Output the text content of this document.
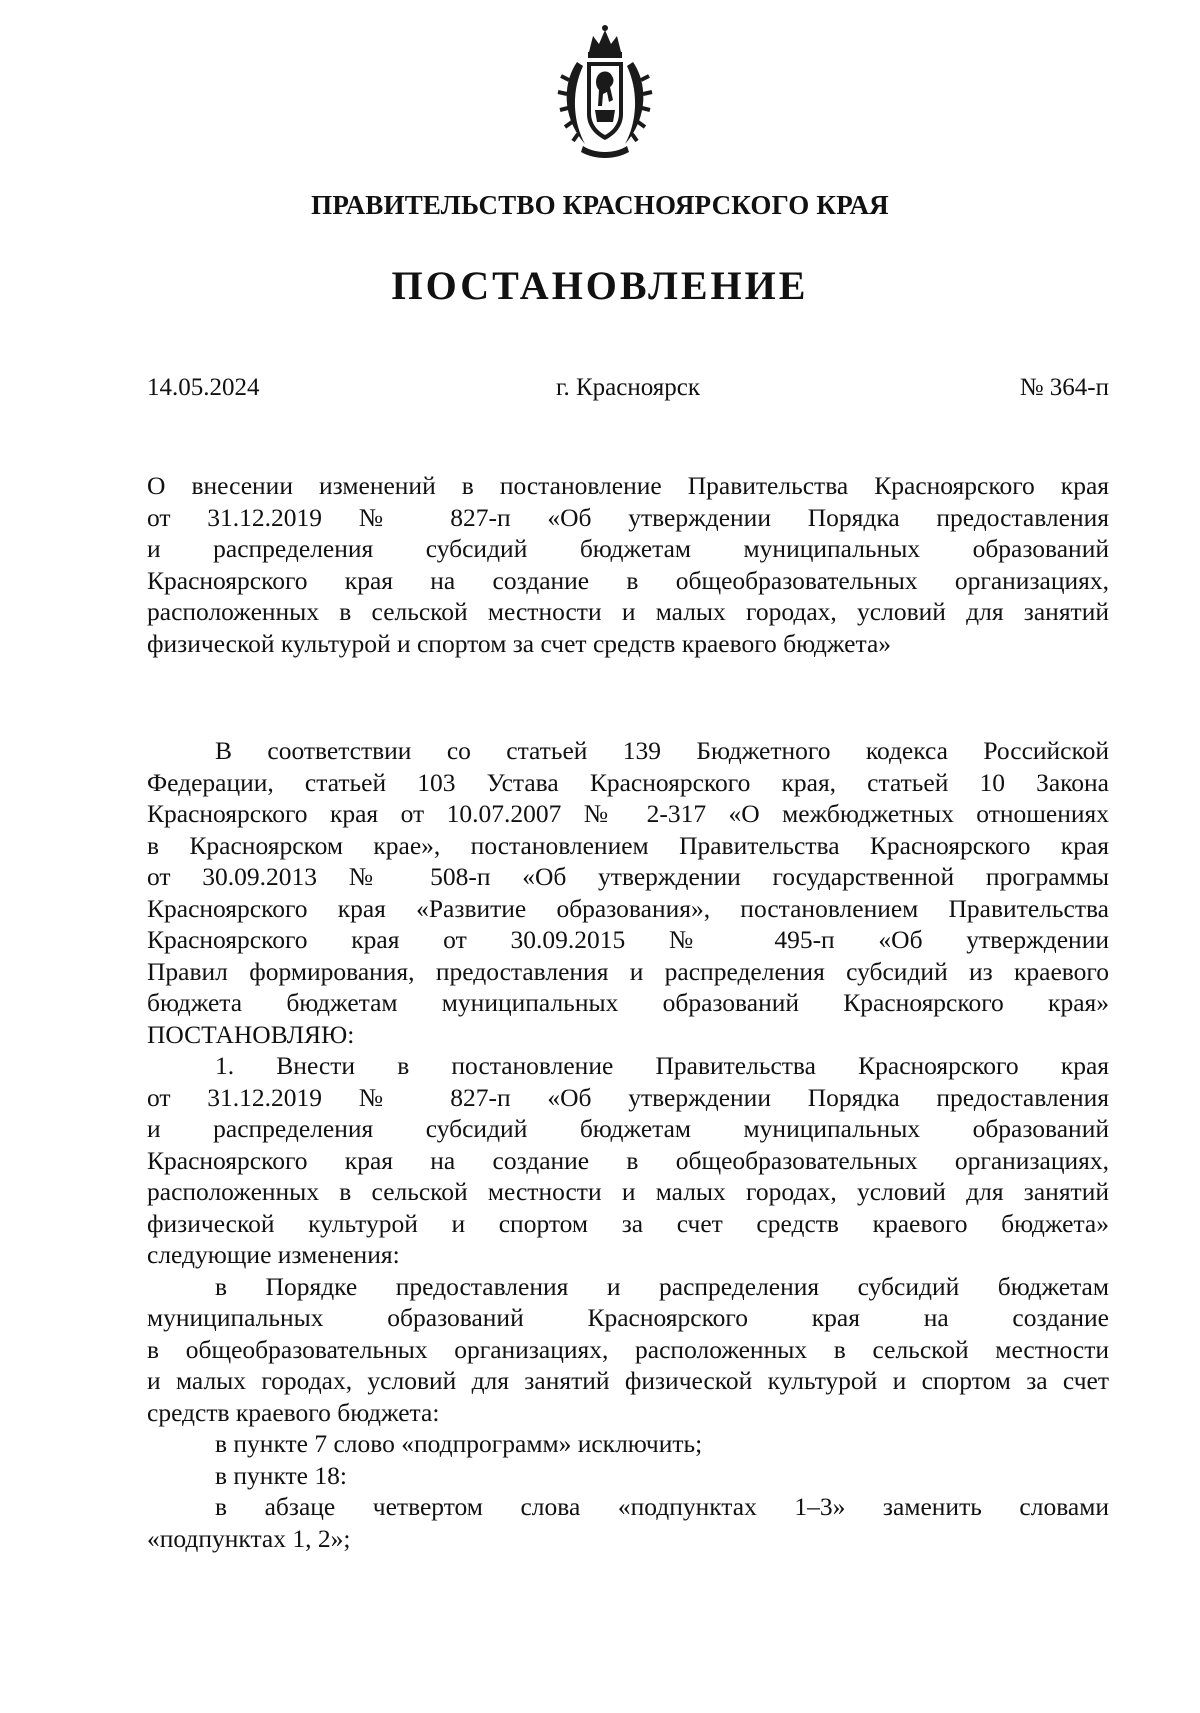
ПРАВИТЕЛЬСТВО КРАСНОЯРСКОГО КРАЯ
ПОСТАНОВЛЕНИЕ
14.05.2024	г. Красноярск	№ 364-п
О внесении изменений в постановление Правительства Красноярского края
от 31.12.2019 № 827-п «Об утверждении Порядка предоставления
и распределения субсидий бюджетам муниципальных образований
Красноярского края на создание в общеобразовательных организациях,
расположенных в сельской местности и малых городах, условий для занятий
физической культурой и спортом за счет средств краевого бюджета»
В соответствии со статьей 139 Бюджетного кодекса Российской
Федерации, статьей 103 Устава Красноярского края, статьей 10 Закона
Красноярского края от 10.07.2007 № 2-317 «О межбюджетных отношениях
в Красноярском крае», постановлением Правительства Красноярского края
от 30.09.2013 № 508-п «Об утверждении государственной программы
Красноярского края «Развитие образования», постановлением Правительства
Красноярского края от 30.09.2015 № 495-п «Об утверждении
Правил формирования, предоставления и распределения субсидий из краевого
бюджета бюджетам муниципальных образований Красноярского края»
ПОСТАНОВЛЯЮ:
1. Внести в постановление Правительства Красноярского края
от 31.12.2019 № 827-п «Об утверждении Порядка предоставления
и распределения субсидий бюджетам муниципальных образований
Красноярского края на создание в общеобразовательных организациях,
расположенных в сельской местности и малых городах, условий для занятий
физической культурой и спортом за счет средств краевого бюджета»
следующие изменения:
в Порядке предоставления и распределения субсидий бюджетам
муниципальных образований Красноярского края на создание
в общеобразовательных организациях, расположенных в сельской местности
и малых городах, условий для занятий физической культурой и спортом за счет
средств краевого бюджета:
в пункте 7 слово «подпрограмм» исключить;
в пункте 18:
в абзаце четвертом слова «подпунктах 1–3» заменить словами
«подпунктах 1, 2»;
